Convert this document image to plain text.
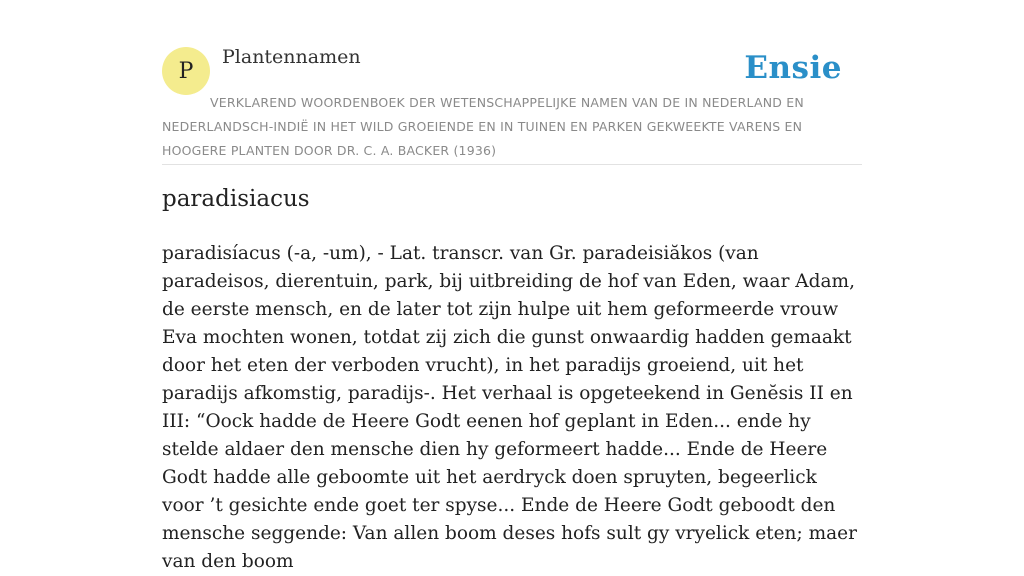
P
Plantennamen	Ensie
VERKLAREND WOORDENBOEK DER WETENSCHAPPELIJKE NAMEN VAN DE IN NEDERLAND EN NEDERLANDSCH-INDIË IN HET WILD GROEIENDE EN IN TUINEN EN PARKEN GEKWEEKTE VARENS EN HOOGERE PLANTEN DOOR DR. C. A. BACKER (1936)
paradisiacus

paradisíacus (-a, -um), - Lat. transcr. van Gr. paradeisiăkos (van paradeisos, dierentuin, park, bij uitbreiding de hof van Eden, waar Adam, de eerste mensch, en de later tot zijn hulpe uit hem geformeerde vrouw Eva mochten wonen, totdat zij zich die gunst onwaardig hadden gemaakt door het eten der verboden vrucht), in het paradijs groeiend, uit het paradijs afkomstig, paradijs-. Het verhaal is opgeteekend in Genĕsis II en III: “Oock hadde de Heere Godt eenen hof geplant in Eden... ende hy stelde aldaer den mensche dien hy geformeert hadde... Ende de Heere Godt hadde alle geboomte uit het aerdryck doen spruyten, begeerlick voor ’t gesichte ende goet ter spyse... Ende de Heere Godt geboodt den mensche seggende: Van allen boom deses hofs sult gy vryelick eten; maer van den boom
